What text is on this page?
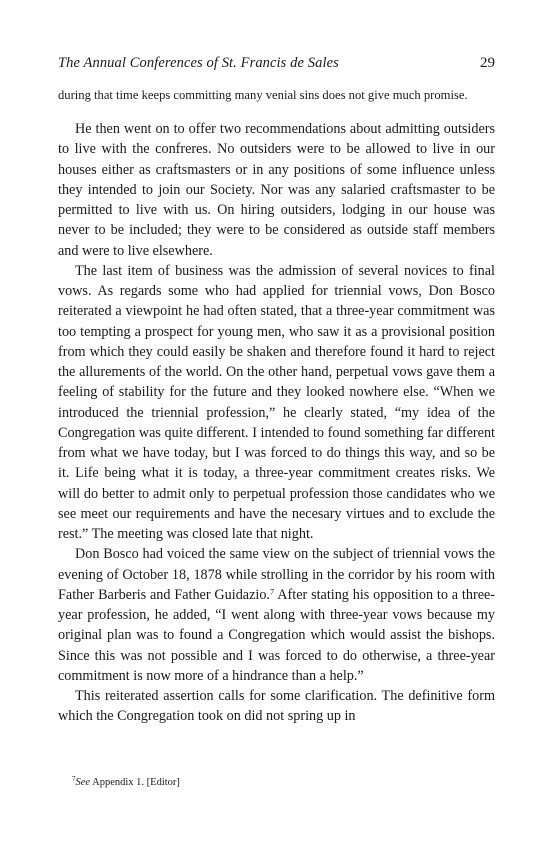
The Annual Conferences of St. Francis de Sales	29

during that time keeps committing many venial sins does not give much promise.

He then went on to offer two recommendations about admitting outsiders to live with the confreres. No outsiders were to be allowed to live in our houses either as craftsmasters or in any positions of some influence unless they intended to join our Society. Nor was any salaried craftsmaster to be permitted to live with us. On hiring outsiders, lodging in our house was never to be included; they were to be considered as outside staff members and were to live elsewhere.

The last item of business was the admission of several novices to final vows. As regards some who had applied for triennial vows, Don Bosco reiterated a viewpoint he had often stated, that a three-year commitment was too tempting a prospect for young men, who saw it as a provisional position from which they could easily be shaken and therefore found it hard to reject the allurements of the world. On the other hand, perpetual vows gave them a feeling of stability for the future and they looked nowhere else. “When we introduced the triennial profession,” he clearly stated, “my idea of the Congregation was quite different. I intended to found something far different from what we have today, but I was forced to do things this way, and so be it. Life being what it is today, a three-year commitment creates risks. We will do better to admit only to perpetual profession those candidates who we see meet our requirements and have the necesary virtues and to exclude the rest.” The meeting was closed late that night.

Don Bosco had voiced the same view on the subject of triennial vows the evening of October 18, 1878 while strolling in the corridor by his room with Father Barberis and Father Guidazio.$^7$ After stating his opposition to a three-year profession, he added, “I went along with three-year vows because my original plan was to found a Congregation which would assist the bishops. Since this was not possible and I was forced to do otherwise, a three-year commitment is now more of a hindrance than a help.”

This reiterated assertion calls for some clarification. The definitive form which the Congregation took on did not spring up in

$^7$See Appendix 1. [Editor]
